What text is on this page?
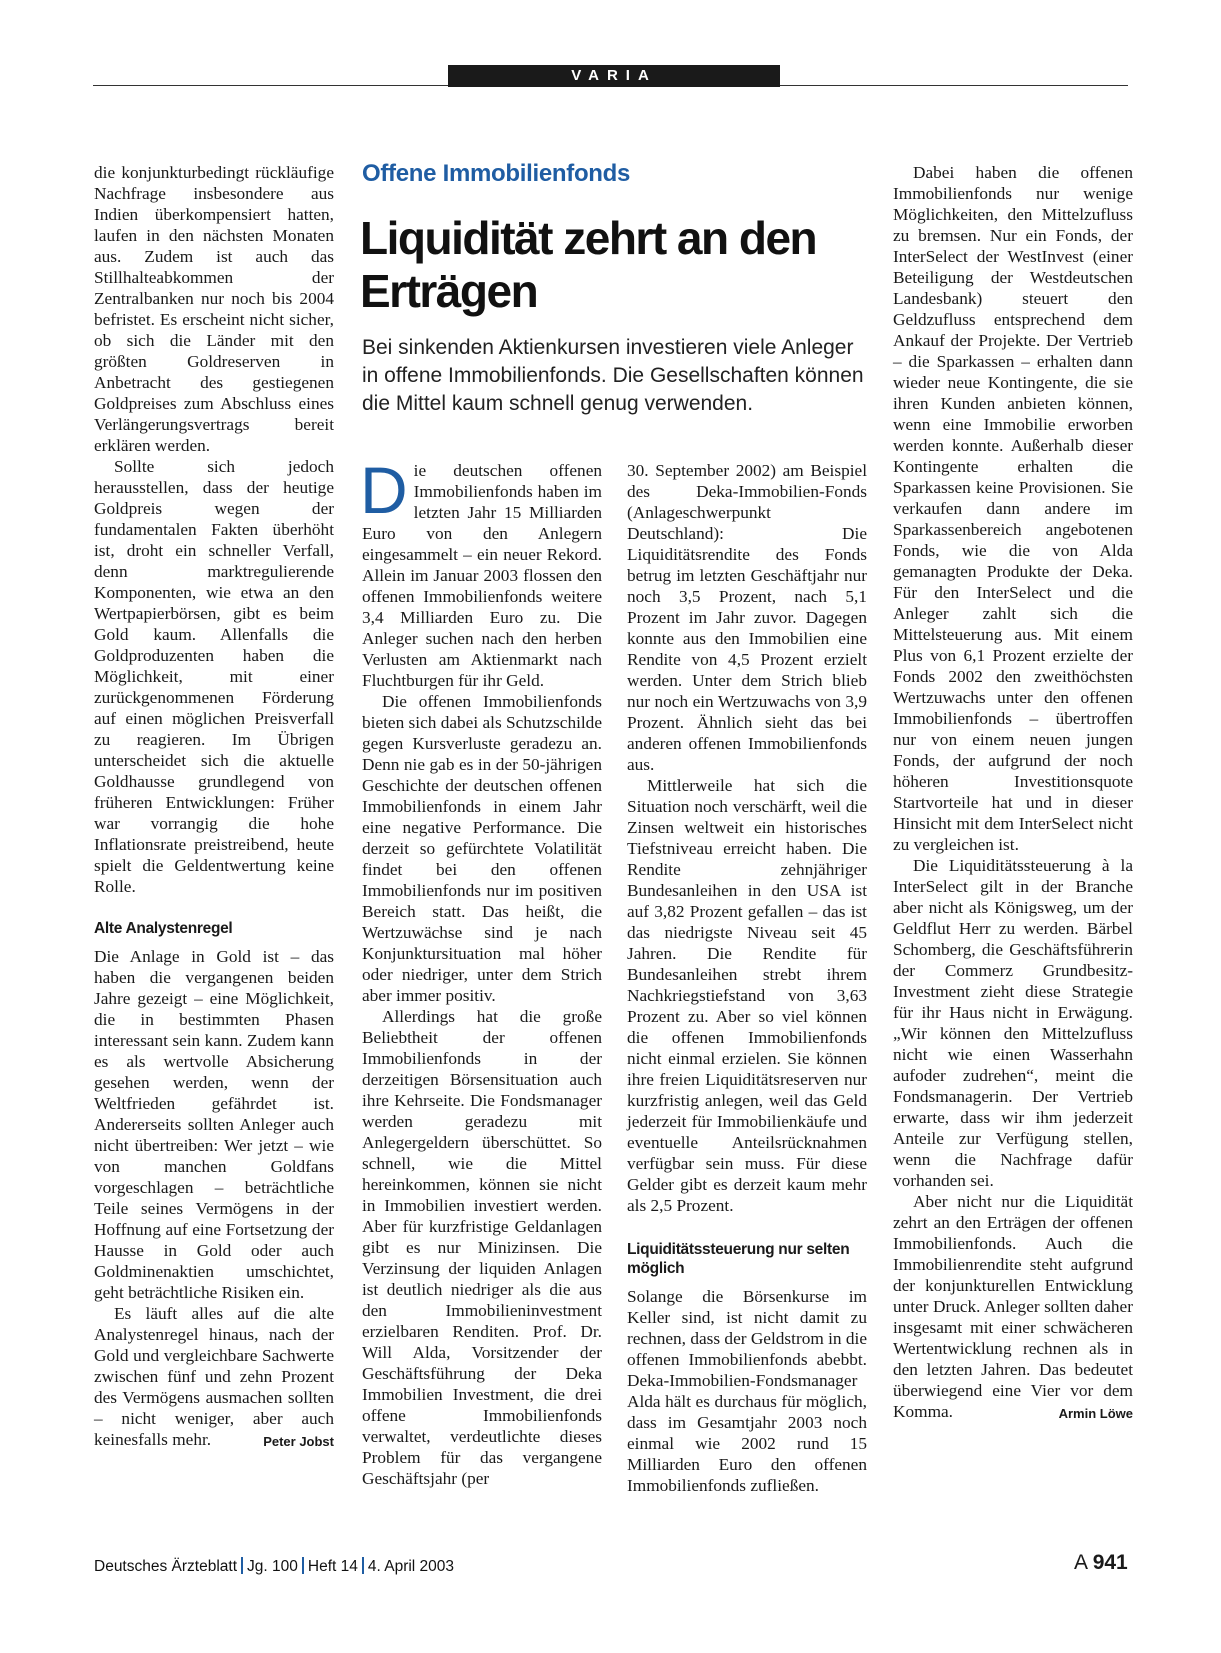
VARIA

die konjunkturbedingt rückläufige Nachfrage insbesondere aus Indien überkompensiert hatten, laufen in den nächsten Monaten aus. Zudem ist auch das Stillhalteabkommen der Zentralbanken nur noch bis 2004 befristet. Es erscheint nicht sicher, ob sich die Länder mit den größten Goldreserven in Anbetracht des gestiegenen Goldpreises zum Abschluss eines Verlängerungsvertrags bereit erklären werden.

Sollte sich jedoch herausstellen, dass der heutige Goldpreis wegen der fundamentalen Fakten überhöht ist, droht ein schneller Verfall, denn marktregulierende Komponenten, wie etwa an den Wertpapierbörsen, gibt es beim Gold kaum. Allenfalls die Goldproduzenten haben die Möglichkeit, mit einer zurückgenommenen Förderung auf einen möglichen Preisverfall zu reagieren. Im Übrigen unterscheidet sich die aktuelle Goldhausse grundlegend von früheren Entwicklungen: Früher war vorrangig die hohe Inflationsrate preistreibend, heute spielt die Geldentwertung keine Rolle.

Alte Analystenregel

Die Anlage in Gold ist – das haben die vergangenen beiden Jahre gezeigt – eine Möglichkeit, die in bestimmten Phasen interessant sein kann. Zudem kann es als wertvolle Absicherung gesehen werden, wenn der Weltfrieden gefährdet ist. Andererseits sollten Anleger auch nicht übertreiben: Wer jetzt – wie von manchen Goldfans vorgeschlagen – beträchtliche Teile seines Vermögens in der Hoffnung auf eine Fortsetzung der Hausse in Gold oder auch Goldminenaktien umschichtet, geht beträchtliche Risiken ein.

Es läuft alles auf die alte Analystenregel hinaus, nach der Gold und vergleichbare Sachwerte zwischen fünf und zehn Prozent des Vermögens ausmachen sollten – nicht weniger, aber auch keinesfalls mehr.	Peter Jobst

Offene Immobilienfonds
Liquidität zehrt an den Erträgen
Bei sinkenden Aktienkursen investieren viele Anleger in offene Immobilienfonds. Die Gesellschaften können die Mittel kaum schnell genug verwenden.

Die deutschen offenen Immobilienfonds haben im letzten Jahr 15 Milliarden Euro von den Anlegern eingesammelt – ein neuer Rekord. Allein im Januar 2003 flossen den offenen Immobilienfonds weitere 3,4 Milliarden Euro zu. Die Anleger suchen nach den herben Verlusten am Aktienmarkt nach Fluchtburgen für ihr Geld.

Die offenen Immobilienfonds bieten sich dabei als Schutzschilde gegen Kursverluste geradezu an. Denn nie gab es in der 50-jährigen Geschichte der deutschen offenen Immobilienfonds in einem Jahr eine negative Performance. Die derzeit so gefürchtete Volatilität findet bei den offenen Immobilienfonds nur im positiven Bereich statt. Das heißt, die Wertzuwächse sind je nach Konjunktursituation mal höher oder niedriger, unter dem Strich aber immer positiv.

Allerdings hat die große Beliebtheit der offenen Immobilienfonds in der derzeitigen Börsensituation auch ihre Kehrseite. Die Fondsmanager werden geradezu mit Anlegergeldern überschüttet. So schnell, wie die Mittel hereinkommen, können sie nicht in Immobilien investiert werden. Aber für kurzfristige Geldanlagen gibt es nur Minizinsen. Die Verzinsung der liquiden Anlagen ist deutlich niedriger als die aus den Immobilieninvestment erzielbaren Renditen. Prof. Dr. Will Alda, Vorsitzender der Geschäftsführung der Deka Immobilien Investment, die drei offene Immobilienfonds verwaltet, verdeutlichte dieses Problem für das vergangene Geschäftsjahr (per

30. September 2002) am Beispiel des Deka-Immobilien-Fonds (Anlageschwerpunkt Deutschland): Die Liquiditätsrendite des Fonds betrug im letzten Geschäftjahr nur noch 3,5 Prozent, nach 5,1 Prozent im Jahr zuvor. Dagegen konnte aus den Immobilien eine Rendite von 4,5 Prozent erzielt werden. Unter dem Strich blieb nur noch ein Wertzuwachs von 3,9 Prozent. Ähnlich sieht das bei anderen offenen Immobilienfonds aus.

Mittlerweile hat sich die Situation noch verschärft, weil die Zinsen weltweit ein historisches Tiefstniveau erreicht haben. Die Rendite zehnjähriger Bundesanleihen in den USA ist auf 3,82 Prozent gefallen – das ist das niedrigste Niveau seit 45 Jahren. Die Rendite für Bundesanleihen strebt ihrem Nachkriegstiefstand von 3,63 Prozent zu. Aber so viel können die offenen Immobilienfonds nicht einmal erzielen. Sie können ihre freien Liquiditätsreserven nur kurzfristig anlegen, weil das Geld jederzeit für Immobilienkäufe und eventuelle Anteilsrücknahmen verfügbar sein muss. Für diese Gelder gibt es derzeit kaum mehr als 2,5 Prozent.

Liquiditätssteuerung nur selten möglich

Solange die Börsenkurse im Keller sind, ist nicht damit zu rechnen, dass der Geldstrom in die offenen Immobilienfonds abebbt. Deka-Immobilien-Fondsmanager Alda hält es durchaus für möglich, dass im Gesamtjahr 2003 noch einmal wie 2002 rund 15 Milliarden Euro den offenen Immobilienfonds zufließen.

Dabei haben die offenen Immobilienfonds nur wenige Möglichkeiten, den Mittelzufluss zu bremsen. Nur ein Fonds, der InterSelect der WestInvest (einer Beteiligung der Westdeutschen Landesbank) steuert den Geldzufluss entsprechend dem Ankauf der Projekte. Der Vertrieb – die Sparkassen – erhalten dann wieder neue Kontingente, die sie ihren Kunden anbieten können, wenn eine Immobilie erworben werden konnte. Außerhalb dieser Kontingente erhalten die Sparkassen keine Provisionen. Sie verkaufen dann andere im Sparkassenbereich angebotenen Fonds, wie die von Alda gemanagten Produkte der Deka. Für den InterSelect und die Anleger zahlt sich die Mittelsteuerung aus. Mit einem Plus von 6,1 Prozent erzielte der Fonds 2002 den zweithöchsten Wertzuwachs unter den offenen Immobilienfonds – übertroffen nur von einem neuen jungen Fonds, der aufgrund der noch höheren Investitionsquote Startvorteile hat und in dieser Hinsicht mit dem InterSelect nicht zu vergleichen ist.

Die Liquiditätssteuerung à la InterSelect gilt in der Branche aber nicht als Königsweg, um der Geldflut Herr zu werden. Bärbel Schomberg, die Geschäftsführerin der Commerz Grundbesitz-Investment zieht diese Strategie für ihr Haus nicht in Erwägung. „Wir können den Mittelzufluss nicht wie einen Wasserhahn aufoder zudrehen“, meint die Fondsmanagerin. Der Vertrieb erwarte, dass wir ihm jederzeit Anteile zur Verfügung stellen, wenn die Nachfrage dafür vorhanden sei.

Aber nicht nur die Liquidität zehrt an den Erträgen der offenen Immobilienfonds. Auch die Immobilienrendite steht aufgrund der konjunkturellen Entwicklung unter Druck. Anleger sollten daher insgesamt mit einer schwächeren Wertentwicklung rechnen als in den letzten Jahren. Das bedeutet überwiegend eine Vier vor dem Komma.	Armin Löwe

Deutsches Ärzteblatt Jg. 100 Heft 14 4. April 2003	A 941
